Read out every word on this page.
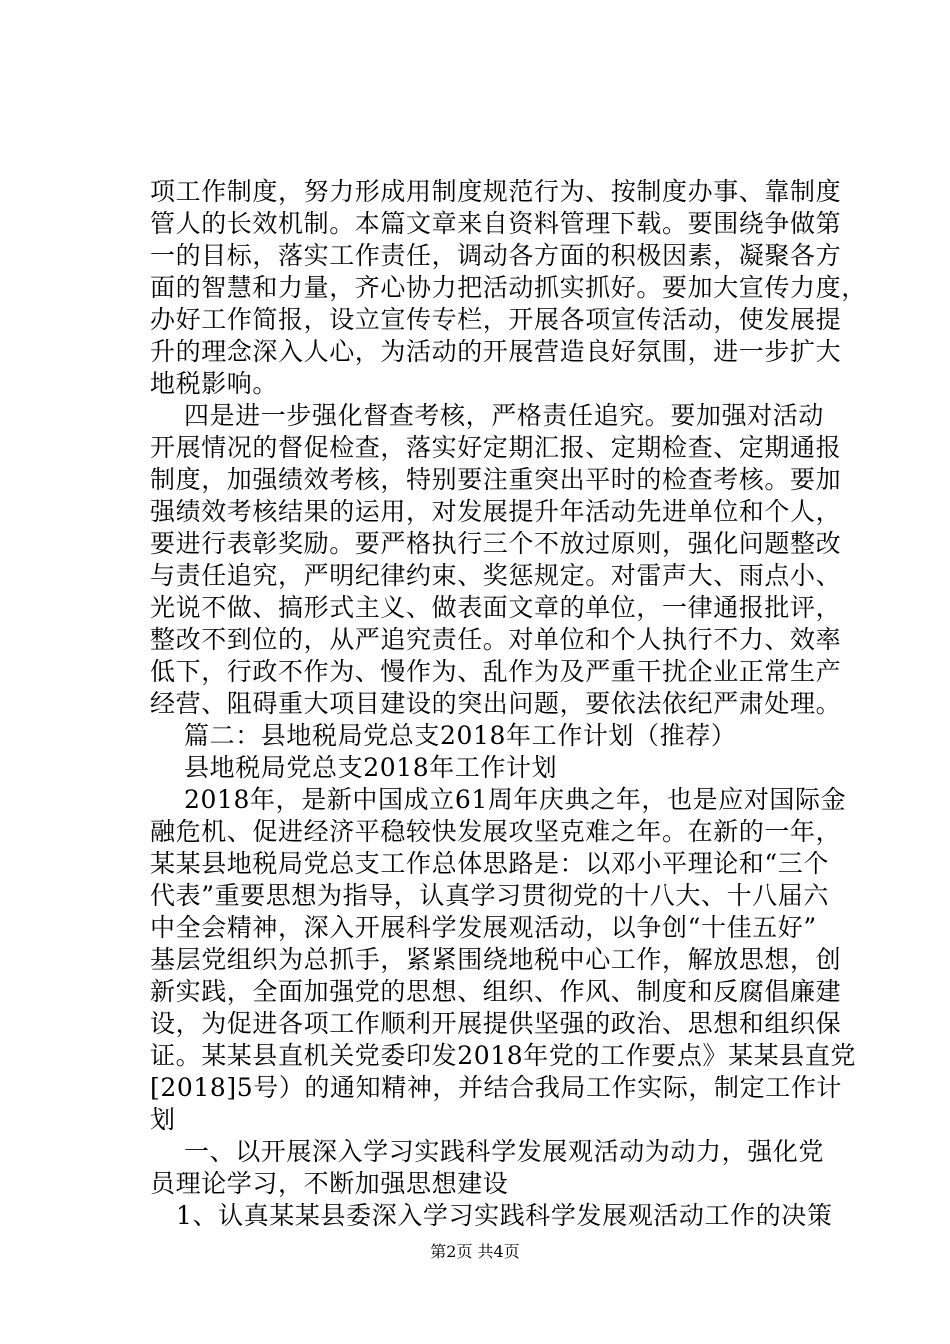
项工作制度，努力形成用制度规范行为、按制度办事、靠制度

管人的长效机制。本篇文章来自资料管理下载。要围绕争做第

一的目标，落实工作责任，调动各方面的积极因素，凝聚各方

面的智慧和力量，齐心协力把活动抓实抓好。要加大宣传力度，

办好工作简报，设立宣传专栏，开展各项宣传活动，使发展提

升的理念深入人心，为活动的开展营造良好氛围，进一步扩大

地税影响。

四是进一步强化督查考核，严格责任追究。要加强对活动

开展情况的督促检查，落实好定期汇报、定期检查、定期通报

制度，加强绩效考核，特别要注重突出平时的检查考核。要加

强绩效考核结果的运用，对发展提升年活动先进单位和个人，

要进行表彰奖励。要严格执行三个不放过原则，强化问题整改

与责任追究，严明纪律约束、奖惩规定。对雷声大、雨点小、

光说不做、搞形式主义、做表面文章的单位，一律通报批评，

整改不到位的，从严追究责任。对单位和个人执行不力、效率

低下，行政不作为、慢作为、乱作为及严重干扰企业正常生产

经营、阻碍重大项目建设的突出问题，要依法依纪严肃处理。

篇二：县地税局党总支2018年工作计划（推荐）

县地税局党总支2018年工作计划

2018年，是新中国成立61周年庆典之年，也是应对国际金

融危机、促进经济平稳较快发展攻坚克难之年。在新的一年，

某某县地税局党总支工作总体思路是：以邓小平理论和“三个

代表”重要思想为指导，认真学习贯彻党的十八大、十八届六

中全会精神，深入开展科学发展观活动，以争创“十佳五好”

基层党组织为总抓手，紧紧围绕地税中心工作，解放思想，创

新实践，全面加强党的思想、组织、作风、制度和反腐倡廉建

设，为促进各项工作顺利开展提供坚强的政治、思想和组织保

证。某某县直机关党委印发2018年党的工作要点》某某县直党

[2018]5号）的通知精神，并结合我局工作实际，制定工作计

划

一、以开展深入学习实践科学发展观活动为动力，强化党

员理论学习，不断加强思想建设

1、认真某某县委深入学习实践科学发展观活动工作的决策

第2页 共4页
